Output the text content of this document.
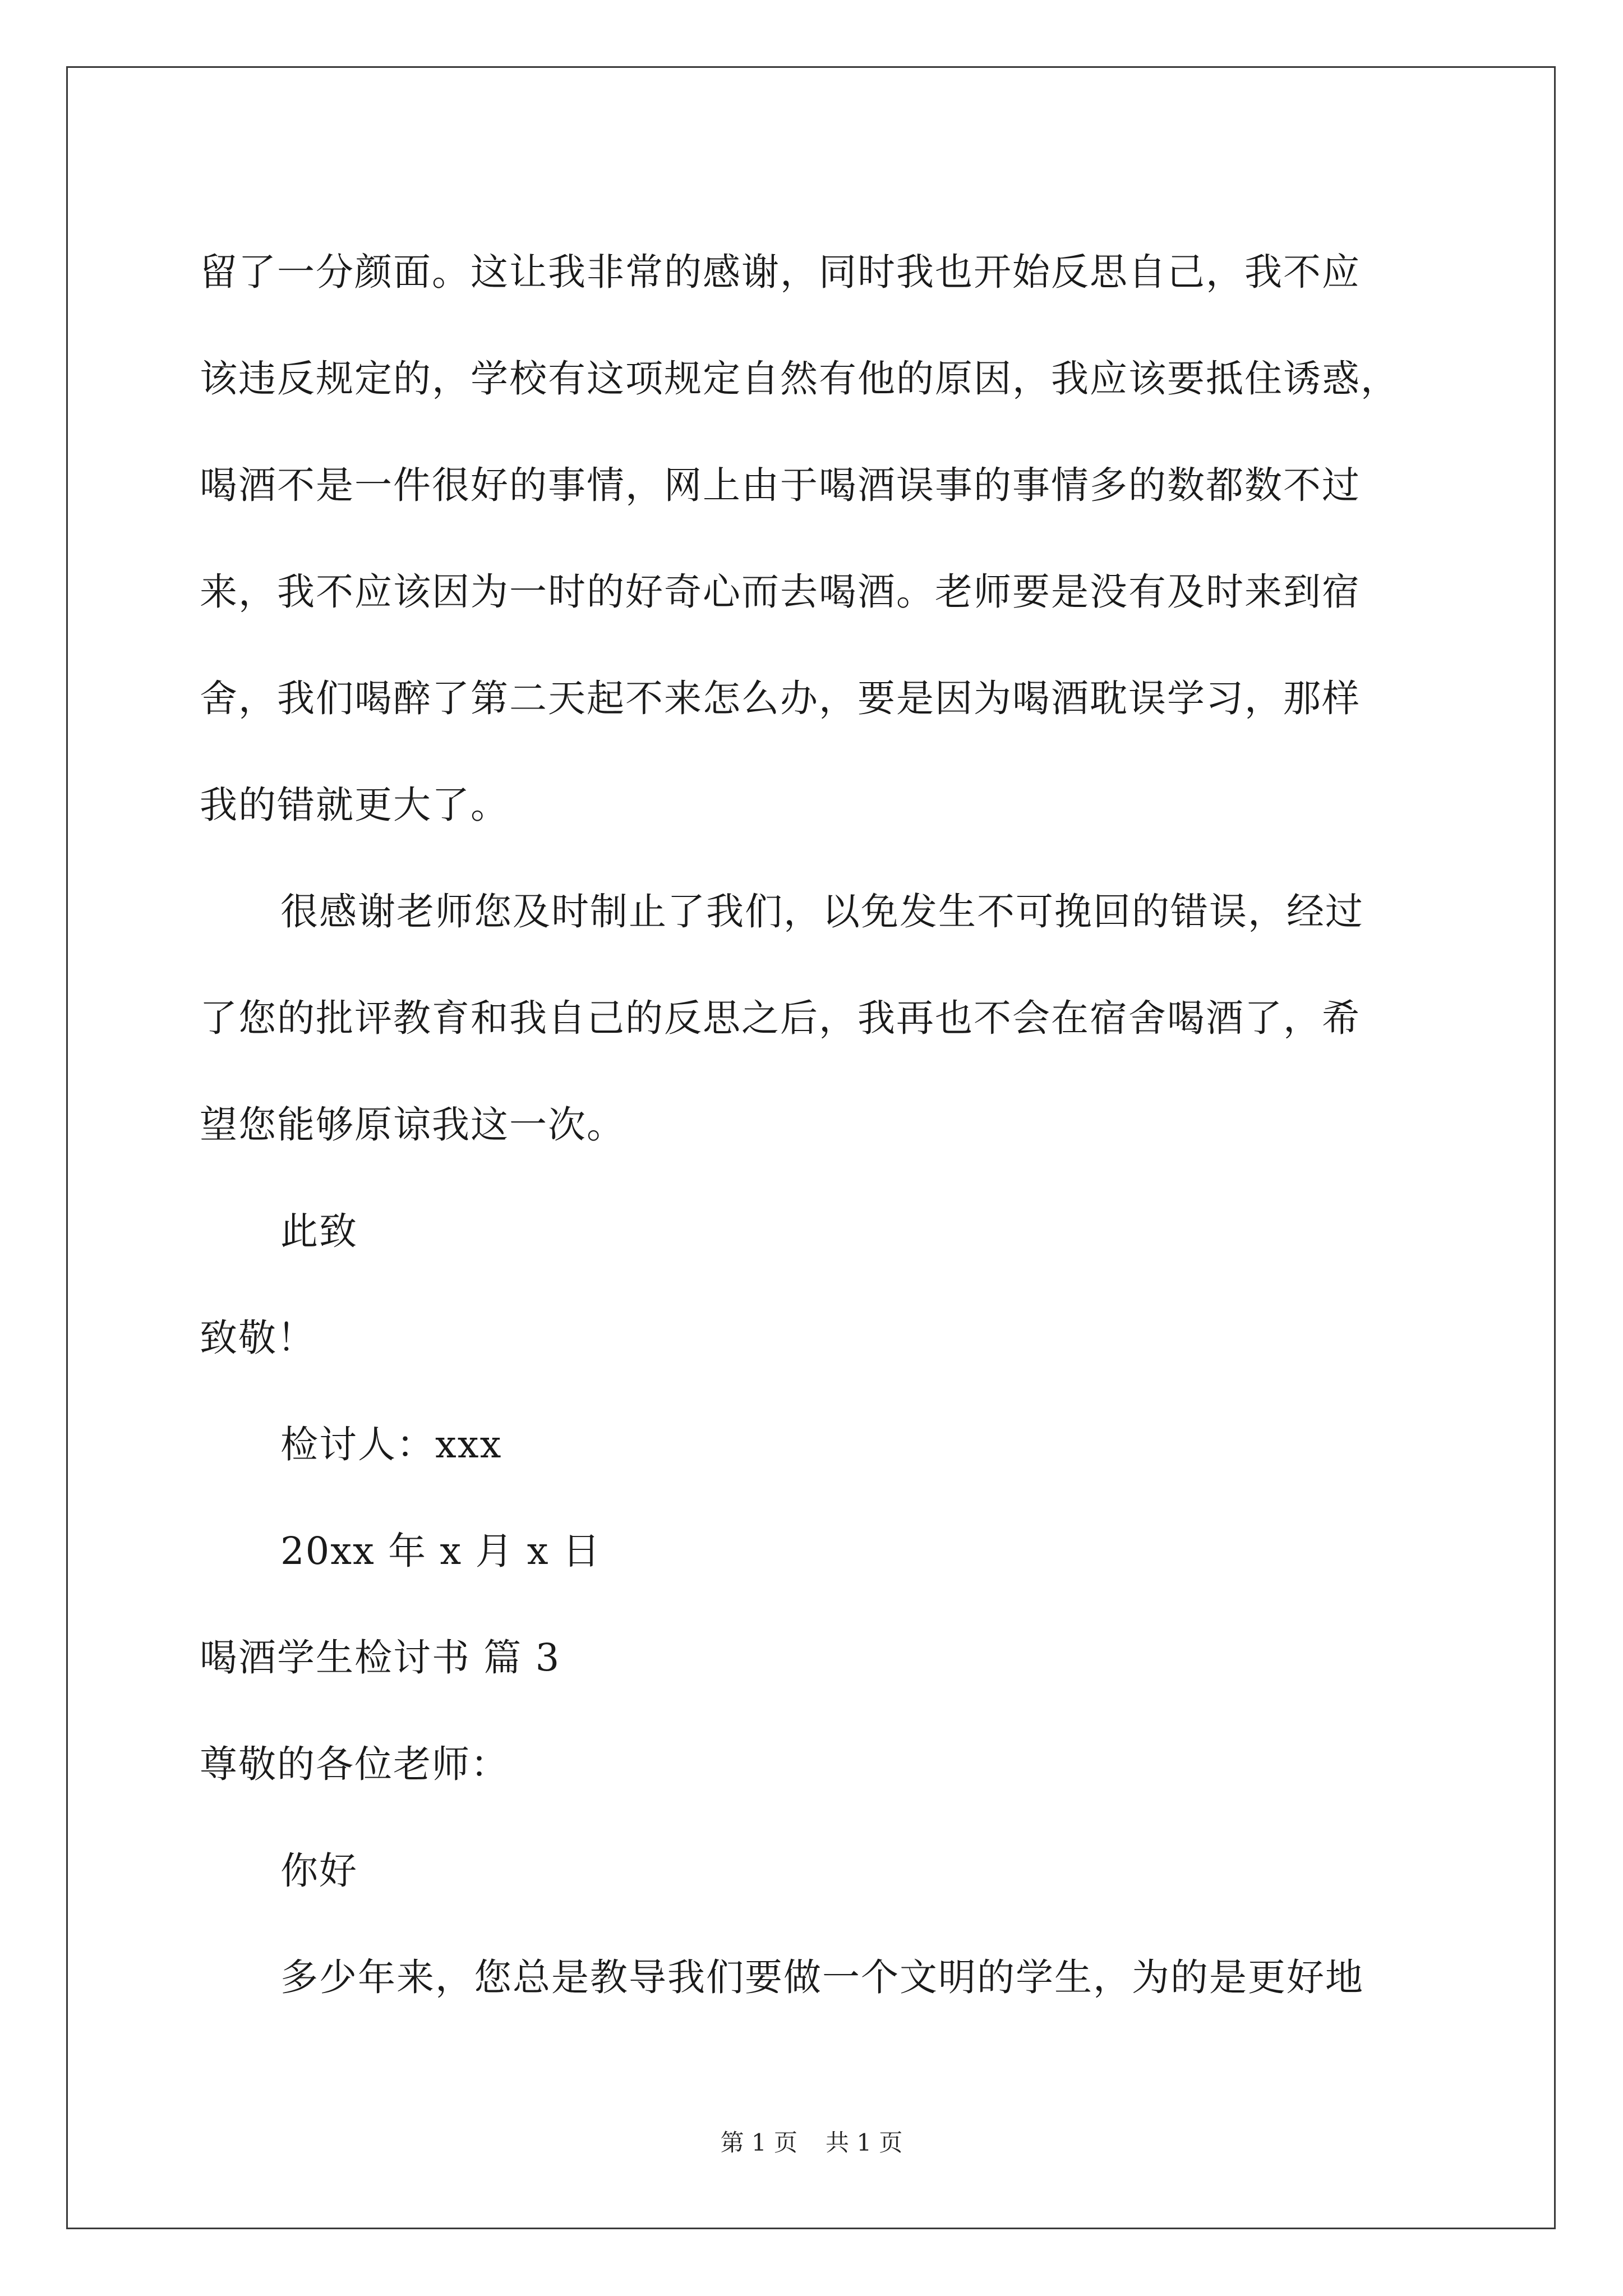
留了一分颜面。这让我非常的感谢，同时我也开始反思自己，我不应
该违反规定的，学校有这项规定自然有他的原因，我应该要抵住诱惑，
喝酒不是一件很好的事情，网上由于喝酒误事的事情多的数都数不过
来，我不应该因为一时的好奇心而去喝酒。老师要是没有及时来到宿
舍，我们喝醉了第二天起不来怎么办，要是因为喝酒耽误学习，那样
我的错就更大了。

很感谢老师您及时制止了我们，以免发生不可挽回的错误，经过
了您的批评教育和我自己的反思之后，我再也不会在宿舍喝酒了，希
望您能够原谅我这一次。

此致

致敬！

检讨人：xxx

20xx 年 x 月 x 日

喝酒学生检讨书 篇 3

尊敬的各位老师：

你好

多少年来，您总是教导我们要做一个文明的学生，为的是更好地

第 1 页 共 1 页
